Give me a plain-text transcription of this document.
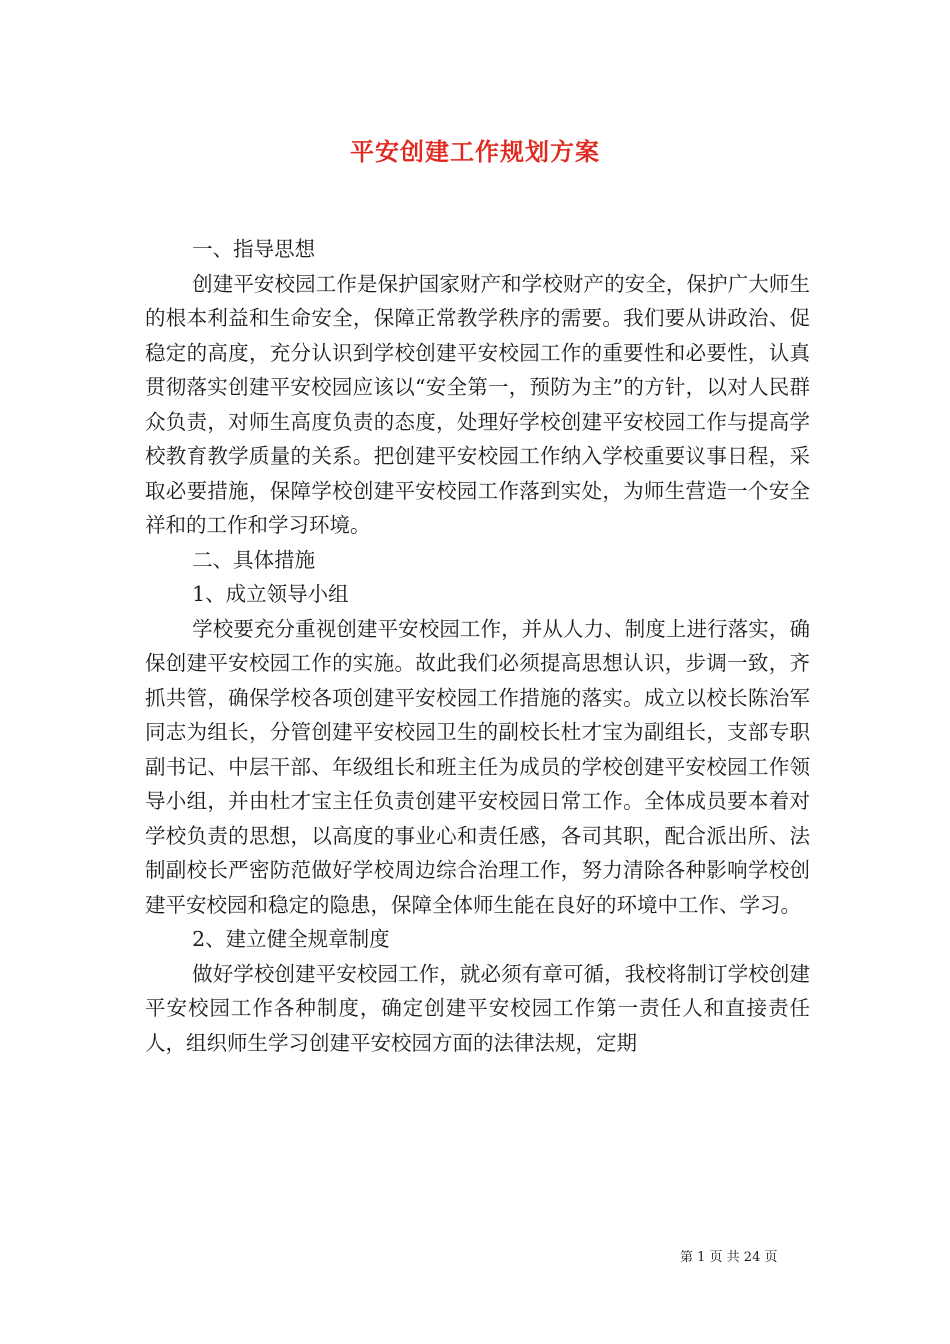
平安创建工作规划方案

一、指导思想

创建平安校园工作是保护国家财产和学校财产的安全，保护广大师生的根本利益和生命安全，保障正常教学秩序的需要。我们要从讲政治、促稳定的高度，充分认识到学校创建平安校园工作的重要性和必要性，认真贯彻落实创建平安校园应该以“安全第一，预防为主”的方针，以对人民群众负责，对师生高度负责的态度，处理好学校创建平安校园工作与提高学校教育教学质量的关系。把创建平安校园工作纳入学校重要议事日程，采取必要措施，保障学校创建平安校园工作落到实处，为师生营造一个安全祥和的工作和学习环境。

二、具体措施

1、成立领导小组

学校要充分重视创建平安校园工作，并从人力、制度上进行落实，确保创建平安校园工作的实施。故此我们必须提高思想认识，步调一致，齐抓共管，确保学校各项创建平安校园工作措施的落实。成立以校长陈治军同志为组长，分管创建平安校园卫生的副校长杜才宝为副组长，支部专职副书记、中层干部、年级组长和班主任为成员的学校创建平安校园工作领导小组，并由杜才宝主任负责创建平安校园日常工作。全体成员要本着对学校负责的思想，以高度的事业心和责任感，各司其职，配合派出所、法制副校长严密防范做好学校周边综合治理工作，努力清除各种影响学校创建平安校园和稳定的隐患，保障全体师生能在良好的环境中工作、学习。

2、建立健全规章制度

做好学校创建平安校园工作，就必须有章可循，我校将制订学校创建平安校园工作各种制度，确定创建平安校园工作第一责任人和直接责任人，组织师生学习创建平安校园方面的法律法规，定期

第 1 页 共 24 页
